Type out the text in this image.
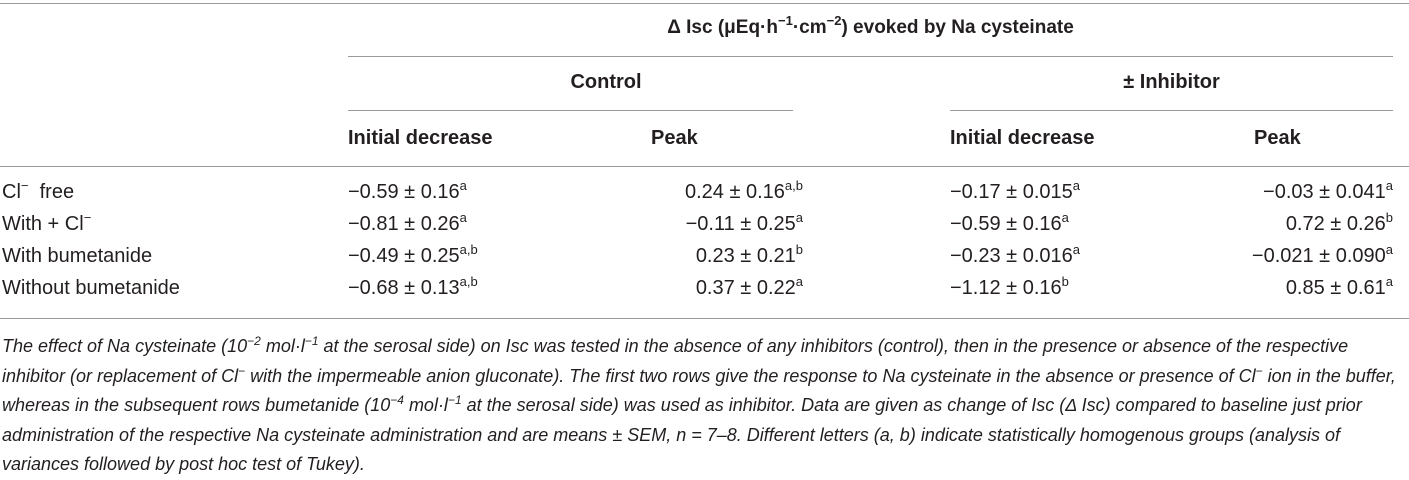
Δ Isc $(\mu Eq\cdot h^{-1}\cdot cm^{-2})$ evoked by Na cysteinate
Control	± Inhibitor
Initial decrease	Peak	Initial decrease	Peak
Cl−  free	−0.59 ± 0.16$^a$	$0.24 \pm 0.16^{a,b}$	−0.17 ± 0.015$^a$	−0.03 ± 0.041$^a$
With + Cl−	−0.81 ± 0.26$^a$	−0.11 ± 0.25$^a$	−0.59 ± 0.16$^a$	0.72 ± 0.26$^b$
With bumetanide	$-0.49 \pm 0.25^{a,b}$	0.23 ± 0.21$^b$	−0.23 ± 0.016$^a$	−0.021 ± 0.090$^a$
Without bumetanide	$-0.68 \pm 0.13^{a,b}$	0.37 ± 0.22$^a$	−1.12 ± 0.16$^b$	0.85 ± 0.61$^a$

The effect of Na cysteinate ($10^{-2}$ $mol\cdot l^{-1}$ at the serosal side) on Isc was tested in the absence of any inhibitors (control), then in the presence or absence of the respective inhibitor (or replacement of Cl− with the impermeable anion gluconate). The first two rows give the response to Na cysteinate in the absence or presence of Cl− ion in the buffer, whereas in the subsequent rows bumetanide ($10^{-4}$ $mol\cdot l^{-1}$ at the serosal side) was used as inhibitor. Data are given as change of Isc (Δ Isc) compared to baseline just prior administration of the respective Na cysteinate administration and are means ± SEM, n = 7–8. Different letters (a, b) indicate statistically homogenous groups (analysis of variances followed by post hoc test of Tukey).
